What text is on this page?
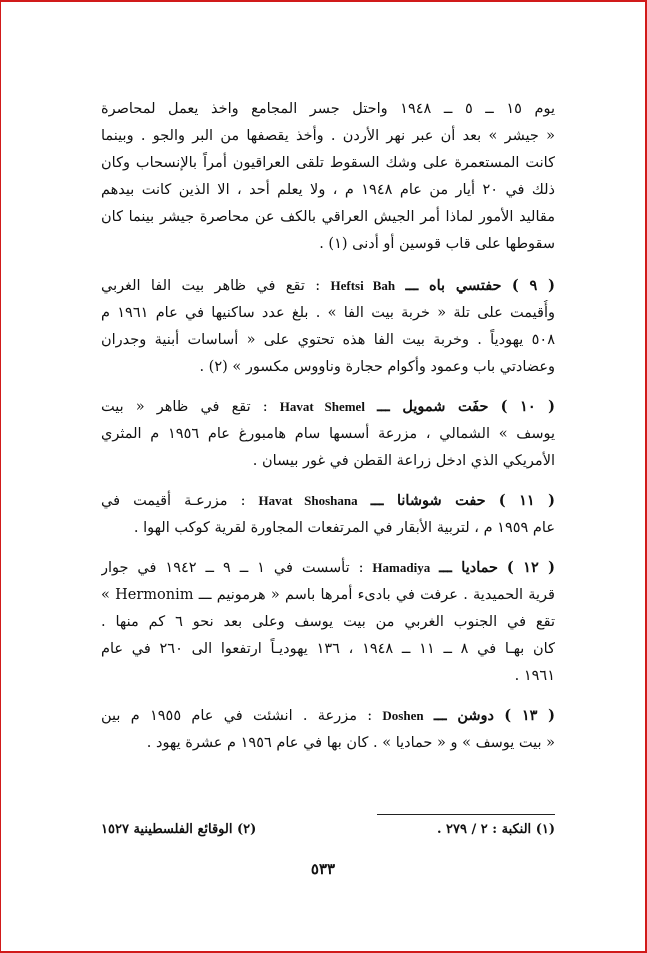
يوم ١٥ ــ ٥ ــ ١٩٤٨ واحتل جسر المجامع واخذ يعمل لمحاصرة
« جيشر » بعد أن عبر نهر الأردن . وأخذ يقصفها من البر والجو . وبينما
كانت المستعمرة على وشك السقوط تلقى العراقيون أمراً بالإنسحاب وكان
ذلك في ٢٠ أيار من عام ١٩٤٨ م ، ولا يعلم أحد ، الا الذين كانت بيدهم
مقاليد الأمور لماذا أمر الجيش العراقي بالكف عن محاصرة جيشر بينما كان
سقوطها على قاب قوسين أو أدنى (١) .
( ٩ ) حفتسي باه ـــ Heftsi Bah : تقع في ظاهر بيت الفا الغربي
وأُقيمت على تلة « خربة بيت الفا » . بلغ عدد ساكنيها في عام ١٩٦١ م
٥٠٨ يهودياً . وخربة بيت الفا هذه تحتوي على « أساسات أبنية وجدران
وعضادتي باب وعمود وأكوام حجارة وناووس مكسور » (٢) .
( ١٠ ) حفَت شمويل ـــ Havat Shemel : تقع في ظاهر « بيت
يوسف » الشمالي ، مزرعة أسسها سام هامبورغ عام ١٩٥٦ م المثري
الأمريكي الذي ادخل زراعة القطن في غور بيسان .
( ١١ ) حفت شوشانا ـــ Havat Shoshana : مزرعـة أقيمت في
عام ١٩٥٩ م ، لتربية الأبقار في المرتفعات المجاورة لقرية كوكب الهوا .
( ١٢ ) حماديا ـــ Hamadiya : تأسست في ١ ــ ٩ ــ ١٩٤٢ في جوار
قرية الحميدية . عرفت في بادىء أمرها باسم « هرمونيم ـــ Hermonim »
تقع في الجنوب الغربي من بيت يوسف وعلى بعد نحو ٦ كم منها .
كان بهـا في ٨ ــ ١١ ــ ١٩٤٨ ، ١٣٦ يهوديـاً ارتفعوا الى ٢٦٠ في عام
١٩٦١ .
( ١٣ ) دوشن ـــ Doshen : مزرعة . انشئت في عام ١٩٥٥ م بين
« بيت يوسف » و « حماديا » . كان بها في عام ١٩٥٦ م عشرة يهود .
(١) النكبة : ٢ / ٢٧٩ .
(٢) الوقائع الفلسطينية ١٥٢٧
٥٣٣
